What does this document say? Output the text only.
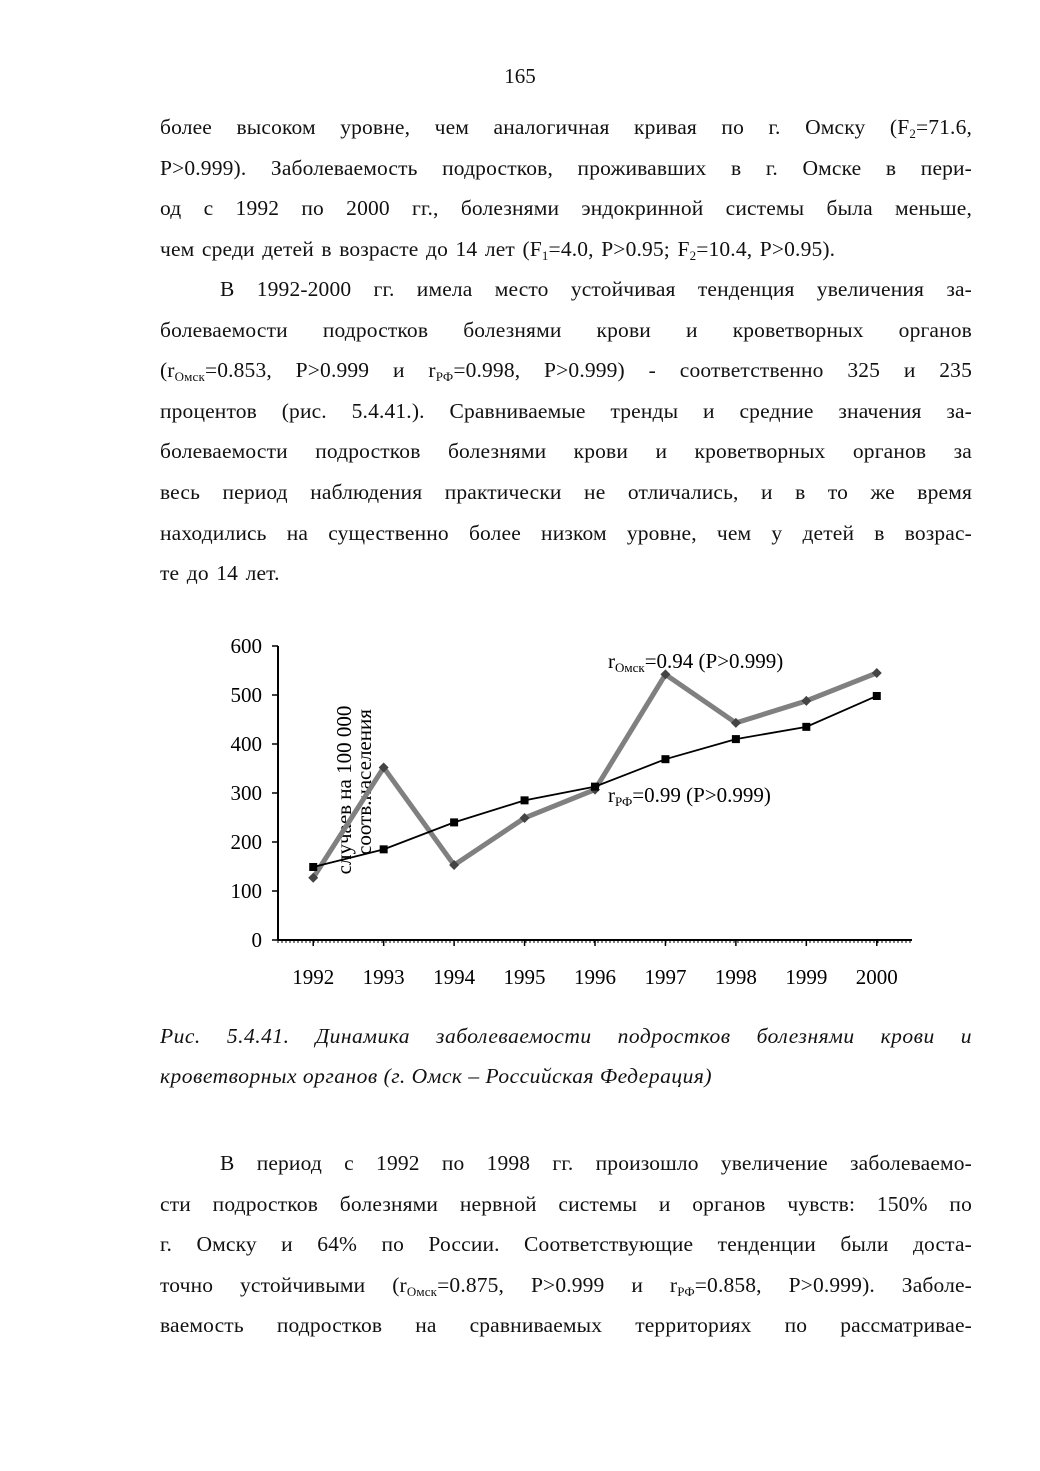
165
более высоком уровне, чем аналогичная кривая по г. Омску ($F_2=71.6$,
P>0.999). Заболеваемость подростков, проживавших в г. Омске в пери-
од с 1992 по 2000 гг., болезнями эндокринной системы была меньше,
чем среди детей в возрасте до 14 лет ($F_1=4.0$, P>0.95; $F_2=10.4$, P>0.95).
В 1992-2000 гг. имела место устойчивая тенденция увеличения за-
болеваемости подростков болезнями крови и кроветворных органов
($r_{Омск}=0.853$, P>0.999 и $r_{РФ}=0.998$, P>0.999) - соответственно 325 и 235
процентов (рис. 5.4.41.). Сравниваемые тренды и средние значения за-
болеваемости подростков болезнями крови и кроветворных органов за
весь период наблюдения практически не отличались, и в то же время
находились на существенно более низком уровне, чем у детей в возрас-
те до 14 лет.
случаев на 100 000
соотв.населения
0
100
200
300
400
500
600
1992 1993 1994 1995 1996 1997 1998 1999 2000
rОмск=0.94 (P>0.999)
rРФ=0.99 (P>0.999)
Рис. 5.4.41. Динамика заболеваемости подростков болезнями крови и
кроветворных органов (г. Омск – Российская Федерация)
В период с 1992 по 1998 гг. произошло увеличение заболеваемо-
сти подростков болезнями нервной системы и органов чувств: 150% по
г. Омску и 64% по России. Соответствующие тенденции были доста-
точно устойчивыми ($r_{Омск}=0.875$, P>0.999 и $r_{РФ}=0.858$, P>0.999). Заболе-
ваемость подростков на сравниваемых территориях по рассматривае-
